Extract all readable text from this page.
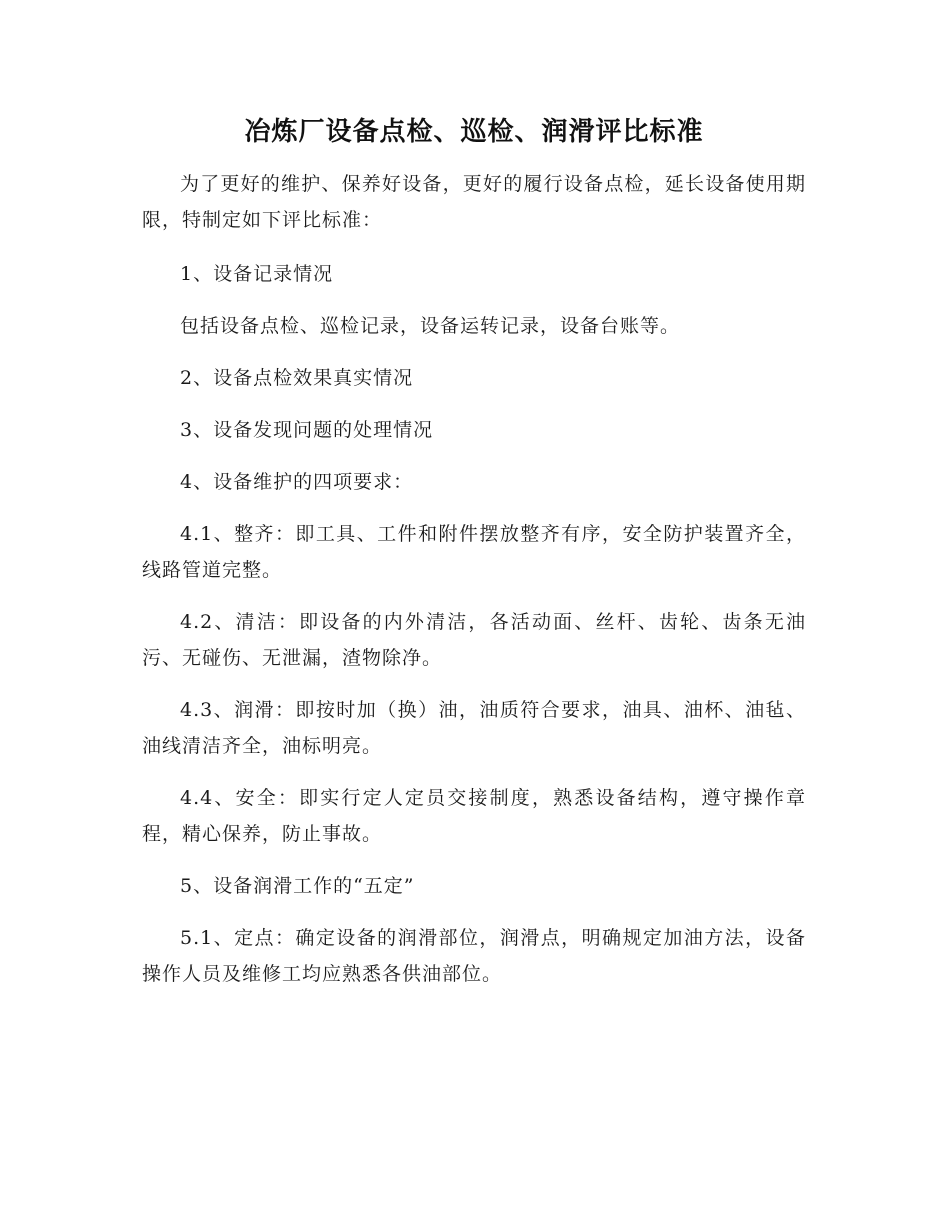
冶炼厂设备点检、巡检、润滑评比标准

为了更好的维护、保养好设备，更好的履行设备点检，延长设备使用期限，特制定如下评比标准：

1、设备记录情况

包括设备点检、巡检记录，设备运转记录，设备台账等。

2、设备点检效果真实情况

3、设备发现问题的处理情况

4、设备维护的四项要求：

4.1、整齐：即工具、工件和附件摆放整齐有序，安全防护装置齐全，线路管道完整。

4.2、清洁：即设备的内外清洁，各活动面、丝杆、齿轮、齿条无油污、无碰伤、无泄漏，渣物除净。

4.3、润滑：即按时加（换）油，油质符合要求，油具、油杯、油毡、油线清洁齐全，油标明亮。

4.4、安全：即实行定人定员交接制度，熟悉设备结构，遵守操作章程，精心保养，防止事故。

5、设备润滑工作的“五定”

5.1、定点：确定设备的润滑部位，润滑点，明确规定加油方法，设备操作人员及维修工均应熟悉各供油部位。
